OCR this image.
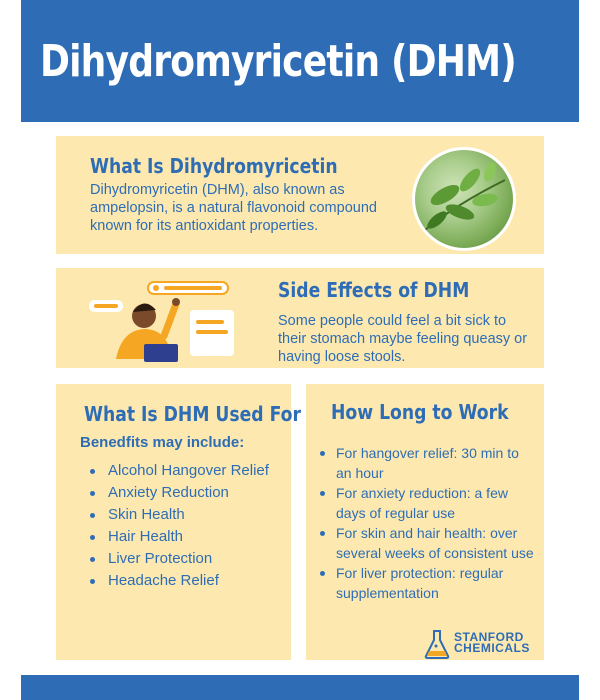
Dihydromyricetin (DHM)
What Is Dihydromyricetin

Dihydromyricetin (DHM), also known as ampelopsin, is a natural flavonoid compound known for its antioxidant properties.

Side Effects of DHM

Some people could feel a bit sick to their stomach maybe feeling queasy or having loose stools.

What Is DHM Used For
Benedfits may include:
Alcohol Hangover Relief
Anxiety Reduction
Skin Health
Hair Health
Liver Protection
Headache Relief
How Long to Work
For hangover relief: 30 min to an hour
For anxiety reduction: a few days of regular use
For skin and hair health: over several weeks of consistent use
For liver protection: regular supplementation
STANFORD
CHEMICALS
